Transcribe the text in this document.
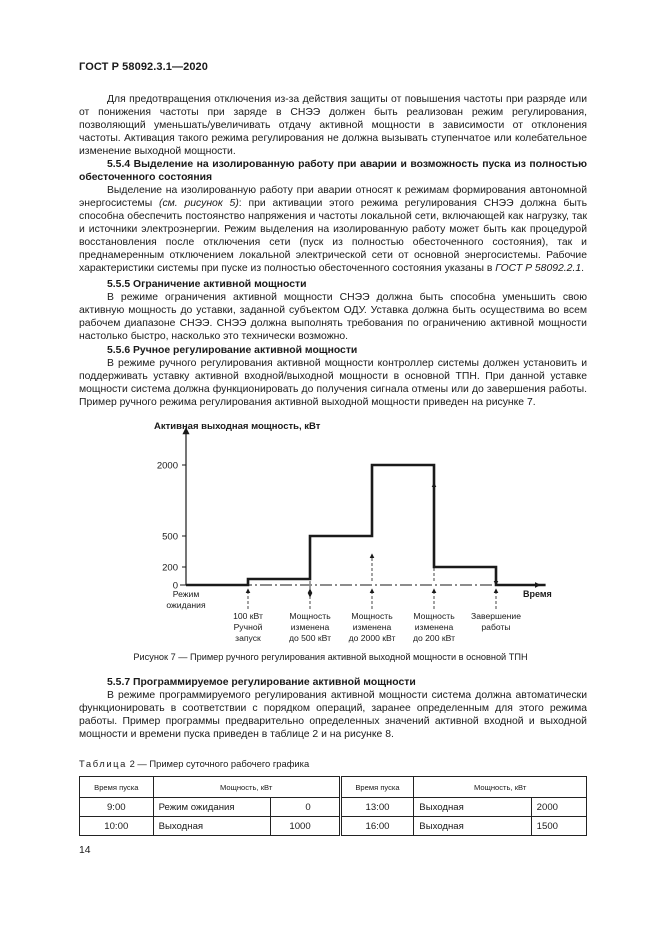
ГОСТ Р 58092.3.1—2020

Для предотвращения отключения из-за действия защиты от повышения частоты при разряде или от понижения частоты при заряде в СНЭЭ должен быть реализован режим регулирования, позволяющий уменьшать/увеличивать отдачу активной мощности в зависимости от отклонения частоты. Активация такого режима регулирования не должна вызывать ступенчатое или колебательное изменение выходной мощности.

5.5.4 Выделение на изолированную работу при аварии и возможность пуска из полностью обесточенного состояния

Выделение на изолированную работу при аварии относят к режимам формирования автономной энергосистемы (см. рисунок 5): при активации этого режима регулирования СНЭЭ должна быть способна обеспечить постоянство напряжения и частоты локальной сети, включающей как нагрузку, так и источники электроэнергии. Режим выделения на изолированную работу может быть как процедурой восстановления после отключения сети (пуск из полностью обесточенного состояния), так и преднамеренным отключением локальной электрической сети от основной энергосистемы. Рабочие характеристики системы при пуске из полностью обесточенного состояния указаны в ГОСТ Р 58092.2.1.

5.5.5 Ограничение активной мощности

В режиме ограничения активной мощности СНЭЭ должна быть способна уменьшить свою активную мощность до уставки, заданной субъектом ОДУ. Уставка должна быть осуществима во всем рабочем диапазоне СНЭЭ. СНЭЭ должна выполнять требования по ограничению активной мощности настолько быстро, насколько это технически возможно.

5.5.6 Ручное регулирование активной мощности

В режиме ручного регулирования активной мощности контроллер системы должен установить и поддерживать уставку активной входной/выходной мощности в основной ТПН. При данной уставке мощности система должна функционировать до получения сигнала отмены или до завершения работы. Пример ручного режима регулирования активной выходной мощности приведен на рисунке 7.

0
200
500
2000
Активная выходная мощность, кВт
Время
Режим ожидания
100 кВт Ручной запуск
Мощность изменена до 500 кВт
Мощность изменена до 2000 кВт
Мощность изменена до 200 кВт
Завершение работы
Рисунок 7 — Пример ручного регулирования активной выходной мощности в основной ТПН

5.5.7 Программируемое регулирование активной мощности

В режиме программируемого регулирования активной мощности система должна автоматически функционировать в соответствии с порядком операций, заранее определенным для этого режима работы. Пример программы предварительно определенных значений активной входной и выходной мощности и времени пуска приведен в таблице 2 и на рисунке 8.

Таблица 2 — Пример суточного рабочего графика
Время пуска	Мощность, кВт		Время пуска	Мощность, кВт	
9:00	Режим ожидания	0	13:00	Выходная	2000
10:00	Выходная	1000	16:00	Выходная	1500
14
